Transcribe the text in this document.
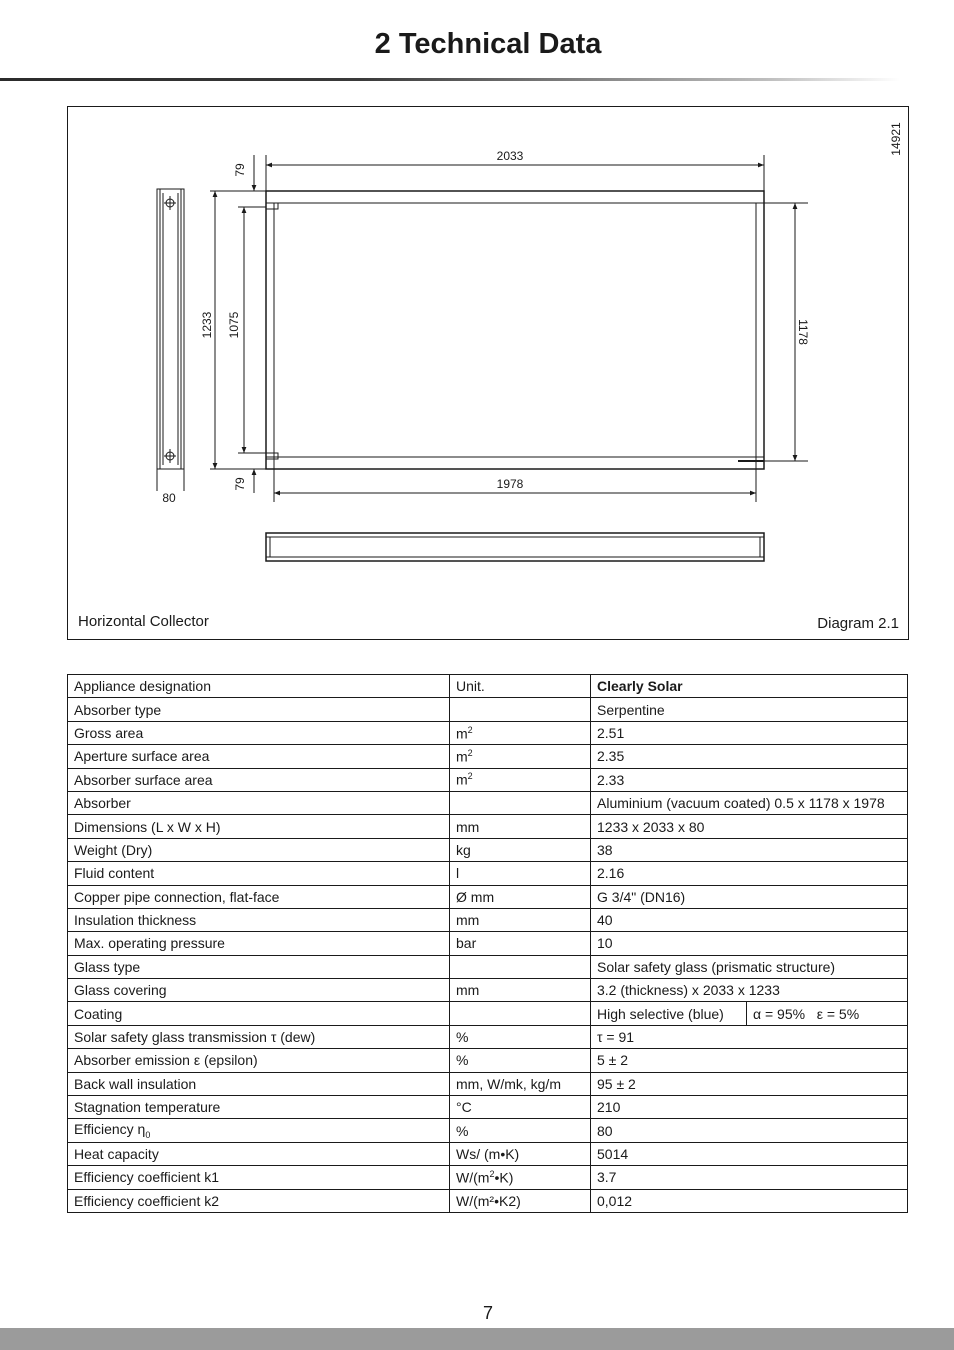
2 Technical Data
2033
1978
1233 1075	1178
79
79
80
14921
Horizontal Collector	Diagram 2.1
Appliance designation	Unit.	Clearly Solar
Absorber type		Serpentine
Gross area	$m^2$	2.51
Aperture surface area	$m^2$	2.35
Absorber surface area	$m^2$	2.33
Absorber		Aluminium (vacuum coated) 0.5 x 1178 x 1978
Dimensions (L x W x H)	mm	1233 x 2033 x 80
Weight (Dry)	kg	38
Fluid content	l	2.16
Copper pipe connection, flat-face	Ø mm	G 3/4" (DN16)
Insulation thickness	mm	40
Max. operating pressure	bar	10
Glass type		Solar safety glass (prismatic structure)
Glass covering	mm	3.2 (thickness) x 2033 x 1233
Coating		High selective (blue) α = 95%   ε = 5%

Solar safety glass transmission τ (dew)	%	τ = 91
Absorber emission ε (epsilon)	%	5 ± 2
Back wall insulation	mm, W/mk, kg/m	95 ± 2
Stagnation temperature	°C	210
Efficiency $\eta_0$	%	80
Heat capacity	Ws/ (m•K)	5014
Efficiency coefficient k1	$W/(m^2•K)$	3.7
Efficiency coefficient k2	W/(m²•K2)	0,012
7
